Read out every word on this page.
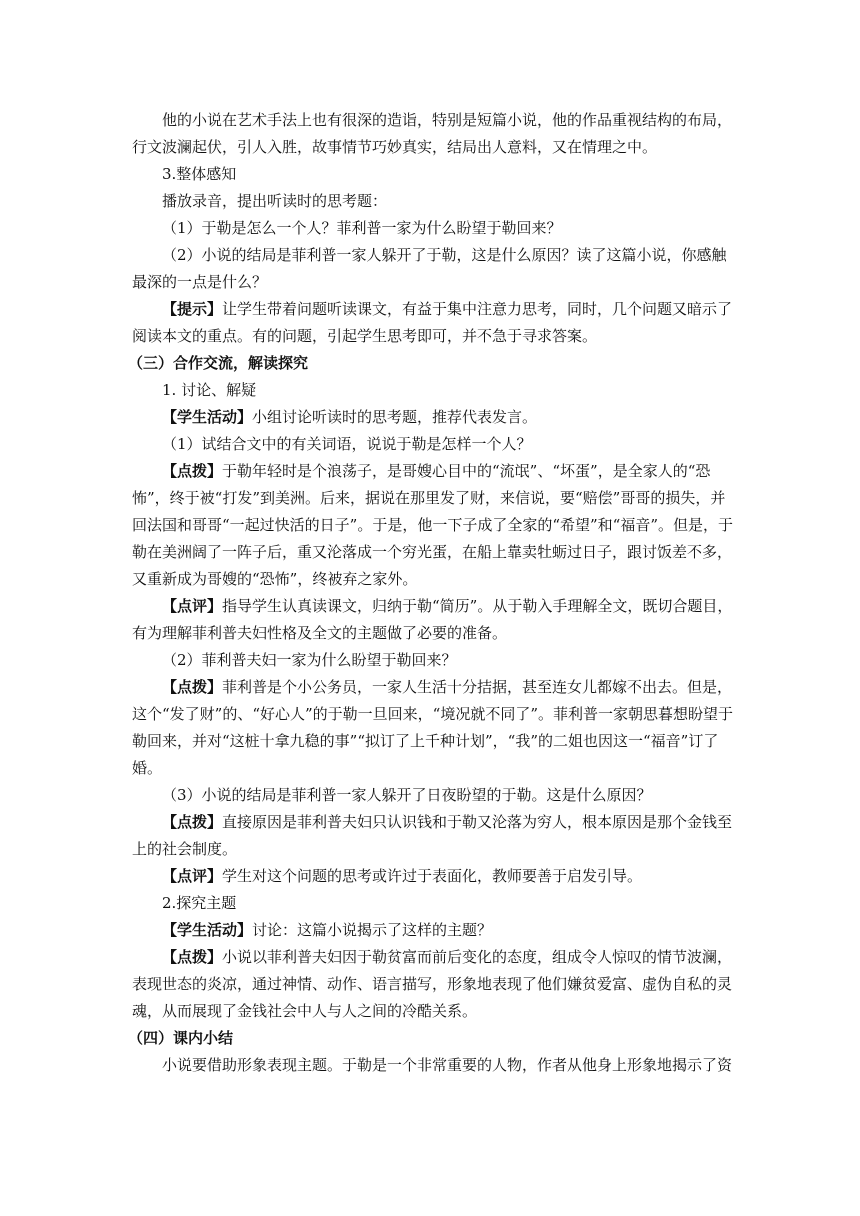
他的小说在艺术手法上也有很深的造诣，特别是短篇小说，他的作品重视结构的布局，行文波澜起伏，引人入胜，故事情节巧妙真实，结局出人意料，又在情理之中。

3.整体感知

播放录音，提出听读时的思考题：

（1）于勒是怎么一个人？菲利普一家为什么盼望于勒回来？

（2）小说的结局是菲利普一家人躲开了于勒，这是什么原因？读了这篇小说，你感触最深的一点是什么？

【提示】让学生带着问题听读课文，有益于集中注意力思考，同时，几个问题又暗示了阅读本文的重点。有的问题，引起学生思考即可，并不急于寻求答案。

（三）合作交流，解读探究

1. 讨论、解疑

【学生活动】小组讨论听读时的思考题，推荐代表发言。

（1）试结合文中的有关词语，说说于勒是怎样一个人？

【点拨】于勒年轻时是个浪荡子，是哥嫂心目中的“流氓”、“坏蛋”，是全家人的“恐怖”，终于被“打发”到美洲。后来，据说在那里发了财，来信说，要“赔偿”哥哥的损失，并回法国和哥哥“一起过快活的日子”。于是，他一下子成了全家的“希望”和“福音”。但是，于勒在美洲阔了一阵子后，重又沦落成一个穷光蛋，在船上靠卖牡蛎过日子，跟讨饭差不多，又重新成为哥嫂的“恐怖”，终被弃之家外。

【点评】指导学生认真读课文，归纳于勒“简历”。从于勒入手理解全文，既切合题目，有为理解菲利普夫妇性格及全文的主题做了必要的准备。

（2）菲利普夫妇一家为什么盼望于勒回来？

【点拨】菲利普是个小公务员，一家人生活十分拮据，甚至连女儿都嫁不出去。但是，这个“发了财”的、“好心人”的于勒一旦回来，“境况就不同了”。菲利普一家朝思暮想盼望于勒回来，并对“这桩十拿九稳的事”“拟订了上千种计划”，“我”的二姐也因这一“福音”订了婚。

（3）小说的结局是菲利普一家人躲开了日夜盼望的于勒。这是什么原因？

【点拨】直接原因是菲利普夫妇只认识钱和于勒又沦落为穷人，根本原因是那个金钱至上的社会制度。

【点评】学生对这个问题的思考或许过于表面化，教师要善于启发引导。

2.探究主题

【学生活动】讨论：这篇小说揭示了这样的主题？

【点拨】小说以菲利普夫妇因于勒贫富而前后变化的态度，组成令人惊叹的情节波澜，表现世态的炎凉，通过神情、动作、语言描写，形象地表现了他们嫌贫爱富、虚伪自私的灵魂，从而展现了金钱社会中人与人之间的冷酷关系。

（四）课内小结

小说要借助形象表现主题。于勒是一个非常重要的人物，作者从他身上形象地揭示了资
